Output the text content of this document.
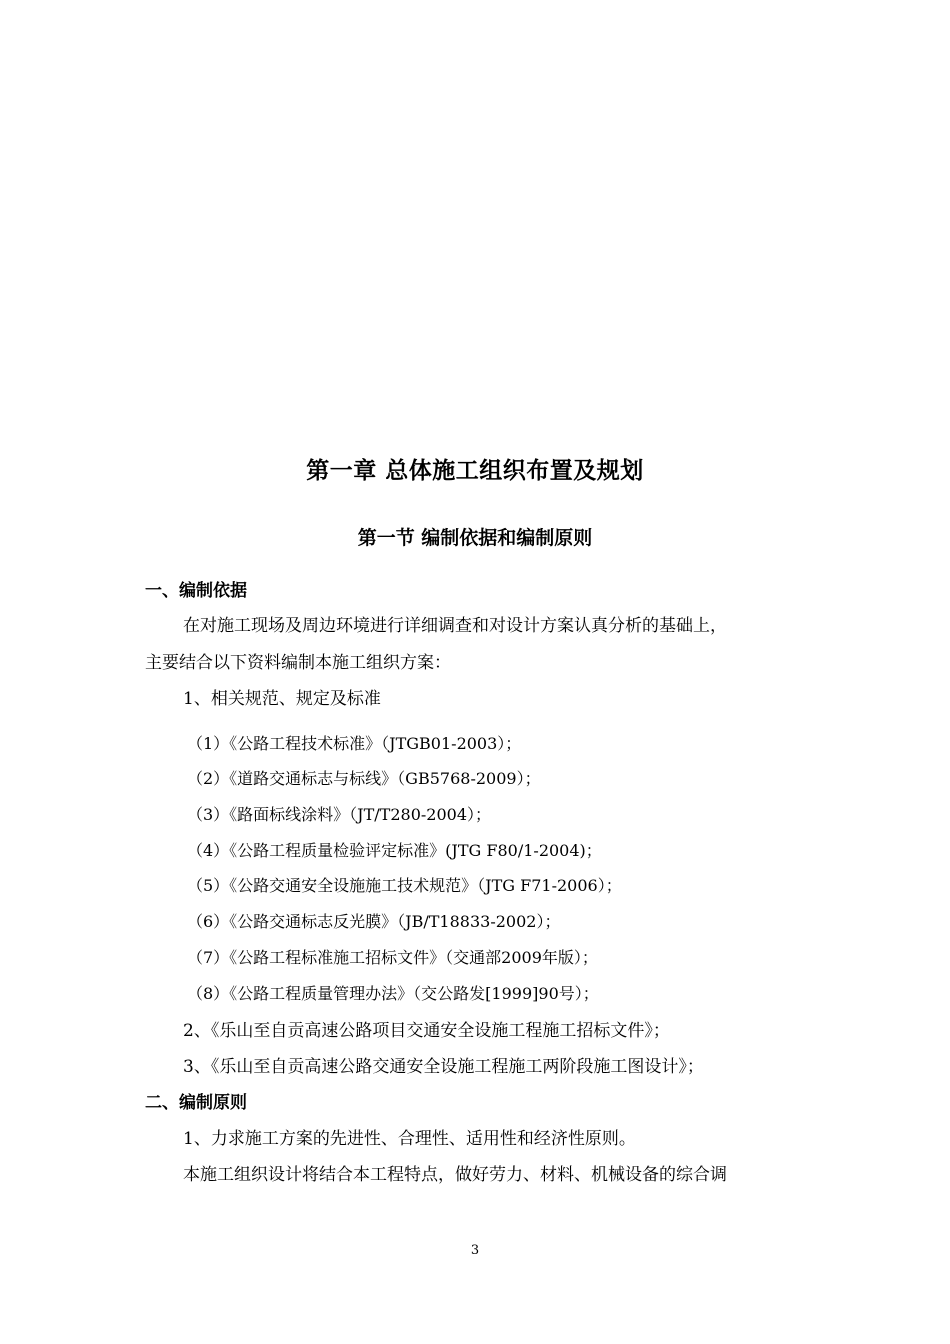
第一章 总体施工组织布置及规划
第一节 编制依据和编制原则
一、编制依据
在对施工现场及周边环境进行详细调查和对设计方案认真分析的基础上，
主要结合以下资料编制本施工组织方案：
1、相关规范、规定及标准
（1）《公路工程技术标准》（JTGB01-2003）；
（2）《道路交通标志与标线》（GB5768-2009）；
（3）《路面标线涂料》（JT/T280-2004）；
（4）《公路工程质量检验评定标准》(JTG F80/1-2004)；
（5）《公路交通安全设施施工技术规范》（JTG F71-2006）；
（6）《公路交通标志反光膜》（JB/T18833-2002）；
（7）《公路工程标准施工招标文件》（交通部2009年版）；
（8）《公路工程质量管理办法》（交公路发[1999]90号）；
2、《乐山至自贡高速公路项目交通安全设施工程施工招标文件》；
3、《乐山至自贡高速公路交通安全设施工程施工两阶段施工图设计》；
二、编制原则
1、力求施工方案的先进性、合理性、适用性和经济性原则。
本施工组织设计将结合本工程特点，做好劳力、材料、机械设备的综合调
3
